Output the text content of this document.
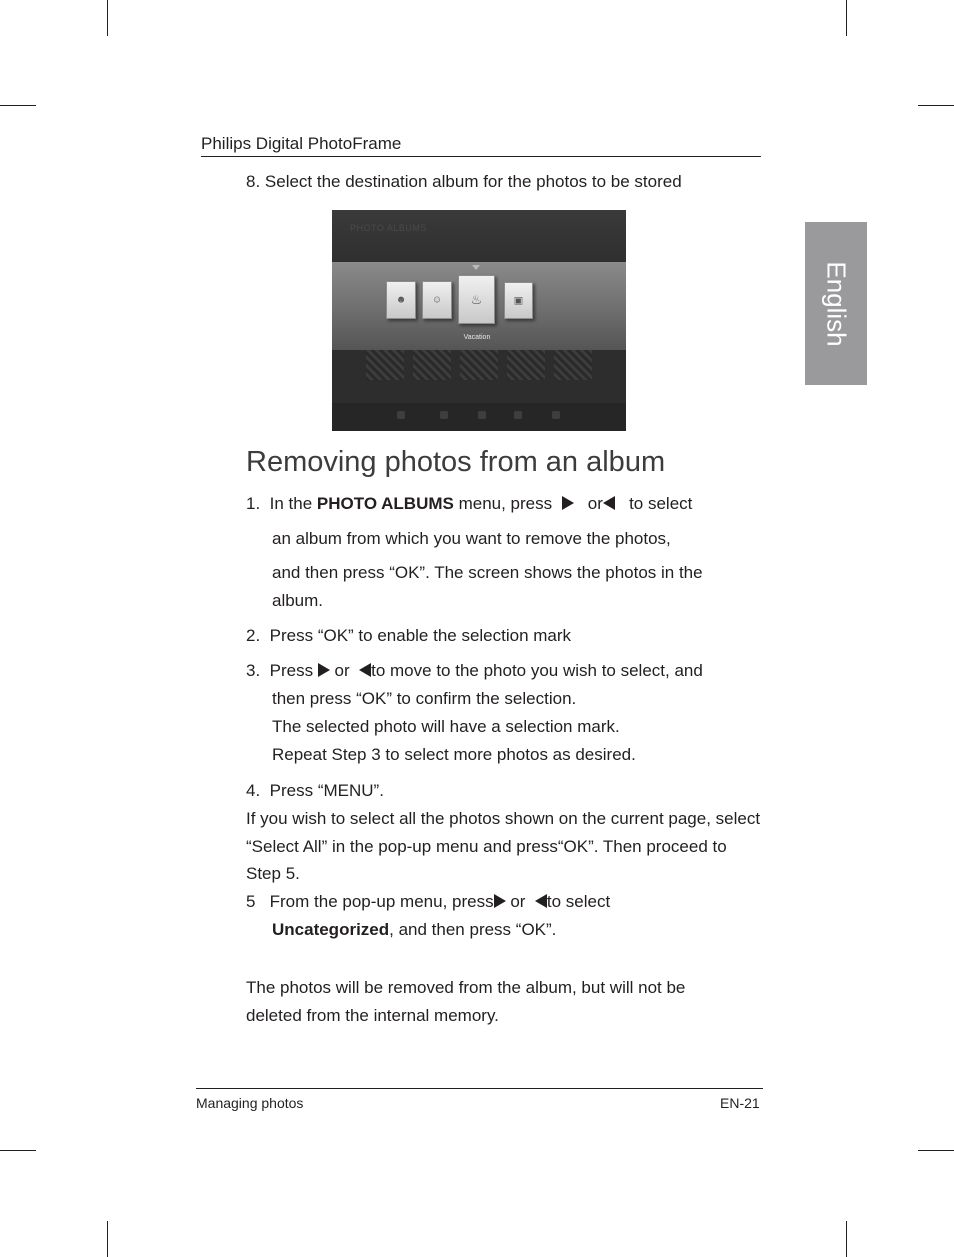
Philips Digital PhotoFrame
English
8. Select the destination album for the photos to be stored
PHOTO ALBUMS
☻	☺ ♨	▣
Vacation
Removing photos from an album
1. In the PHOTO ALBUMS menu, press     or   to select
an album from which you want to remove the photos,
and then press “OK”. The screen shows the photos in the
album.
2. Press “OK” to enable the selection mark
3. Press  or  to move to the photo you wish to select, and
then press “OK” to confirm the selection.
The selected photo will have a selection mark.
Repeat Step 3 to select more photos as desired.
4. Press “MENU”.
If you wish to select all the photos shown on the current page, select
“Select All” in the pop-up menu and press“OK”. Then proceed to
Step 5.
5 From the pop-up menu, press or  to select
Uncategorized, and then press “OK”.
The photos will be removed from the album, but will not be
deleted from the internal memory.
Managing photos	EN-21
